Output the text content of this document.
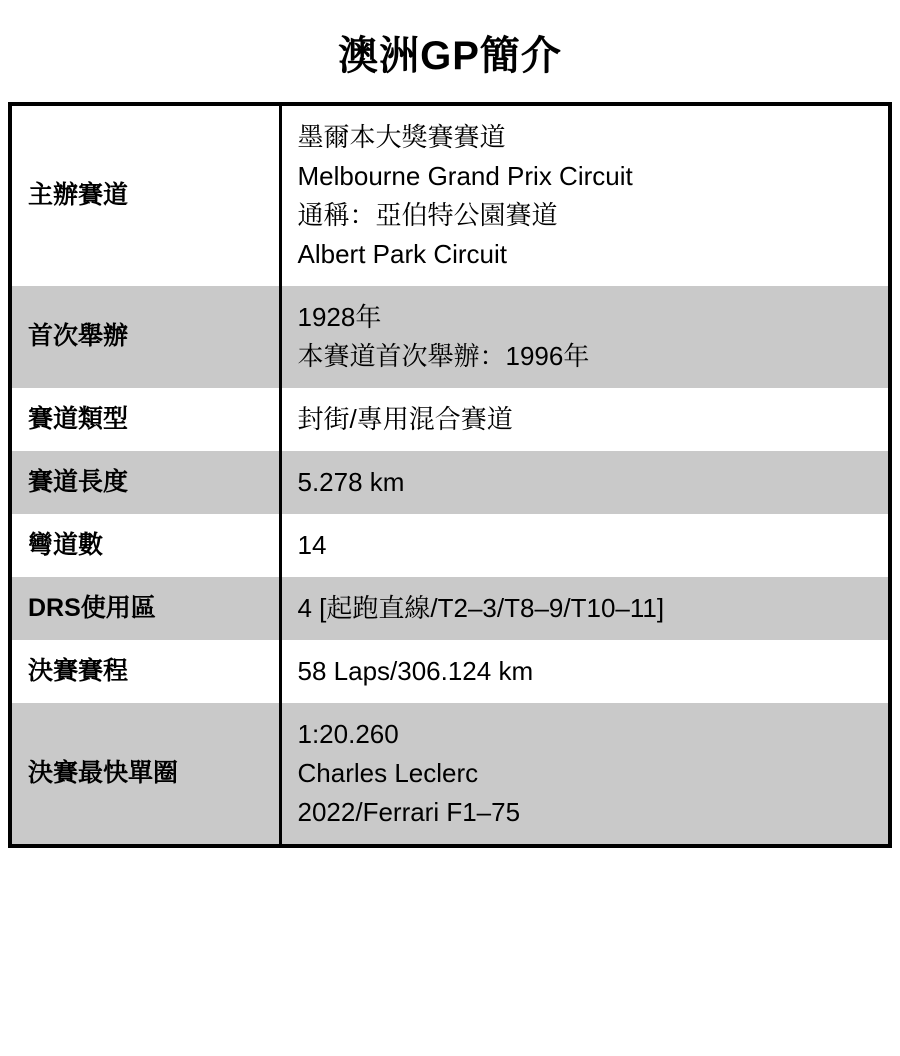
澳洲GP簡介
主辦賽道	墨爾本大獎賽賽道
Melbourne Grand Prix Circuit
通稱：亞伯特公園賽道
Albert Park Circuit

首次舉辦	1928年
本賽道首次舉辦：1996年

賽道類型	封街/專用混合賽道

賽道長度	5.278 km

彎道數	14

DRS使用區	4 [起跑直線/T2–3/T8–9/T10–11]

決賽賽程	58 Laps/306.124 km

決賽最快單圈	1:20.260
Charles Leclerc
2022/Ferrari F1–75
